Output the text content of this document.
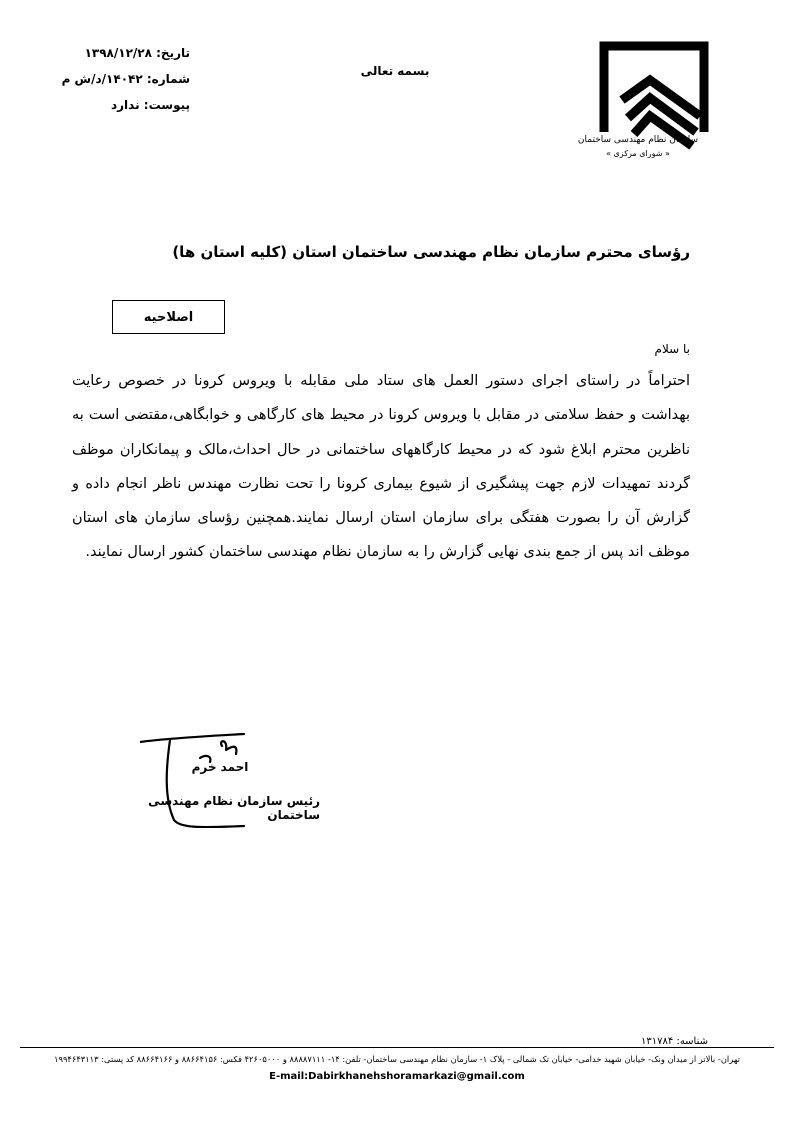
سازمان نظام مهندسی ساختمان
« شورای مرکزی »
بسمه تعالی
تاریخ: ۱۳۹۸/۱۲/۲۸
شماره: ۱۴۰۴۲/د/ش م
پیوست: ندارد
رؤسای محترم سازمان نظام مهندسی ساختمان استان (کلیه استان ها)
اصلاحیه
با سلام
احتراماً در راستای اجرای دستور العمل های ستاد ملی مقابله با ویروس کرونا در خصوص رعایت بهداشت و حفظ سلامتی در مقابل با ویروس کرونا در محیط های کارگاهی و خوابگاهی،مقتضی است به ناظرین محترم ابلاغ شود که در محیط کارگاههای ساختمانی در حال احداث،مالک و پیمانکاران موظف گردند تمهیدات لازم جهت پیشگیری از شیوع بیماری کرونا را تحت نظارت مهندس ناظر انجام داده و گزارش آن را بصورت هفتگی برای سازمان استان ارسال نمایند.همچنین رؤسای سازمان های استان موظف اند پس از جمع بندی نهایی گزارش را به سازمان نظام مهندسی ساختمان کشور ارسال نمایند.
احمد خرم
رئیس سازمان نظام مهندسی ساختمان
شناسه: ۱۳۱۷۸۴
تهران- بالاتر از میدان ونک- خیابان شهید خدامی- خیابان تک شمالی - پلاک ۱- سازمان نظام مهندسی ساختمان- تلفن: ۱۴- ۸۸۸۸۷۱۱۱ و ۴۲۶۰۵۰۰۰ فکس: ۸۸۶۶۴۱۵۶ و ۸۸۶۶۴۱۶۶ کد پستی: ۱۹۹۴۶۴۳۱۱۳
E-mail:Dabirkhanehshoramarkazi@gmail.com
